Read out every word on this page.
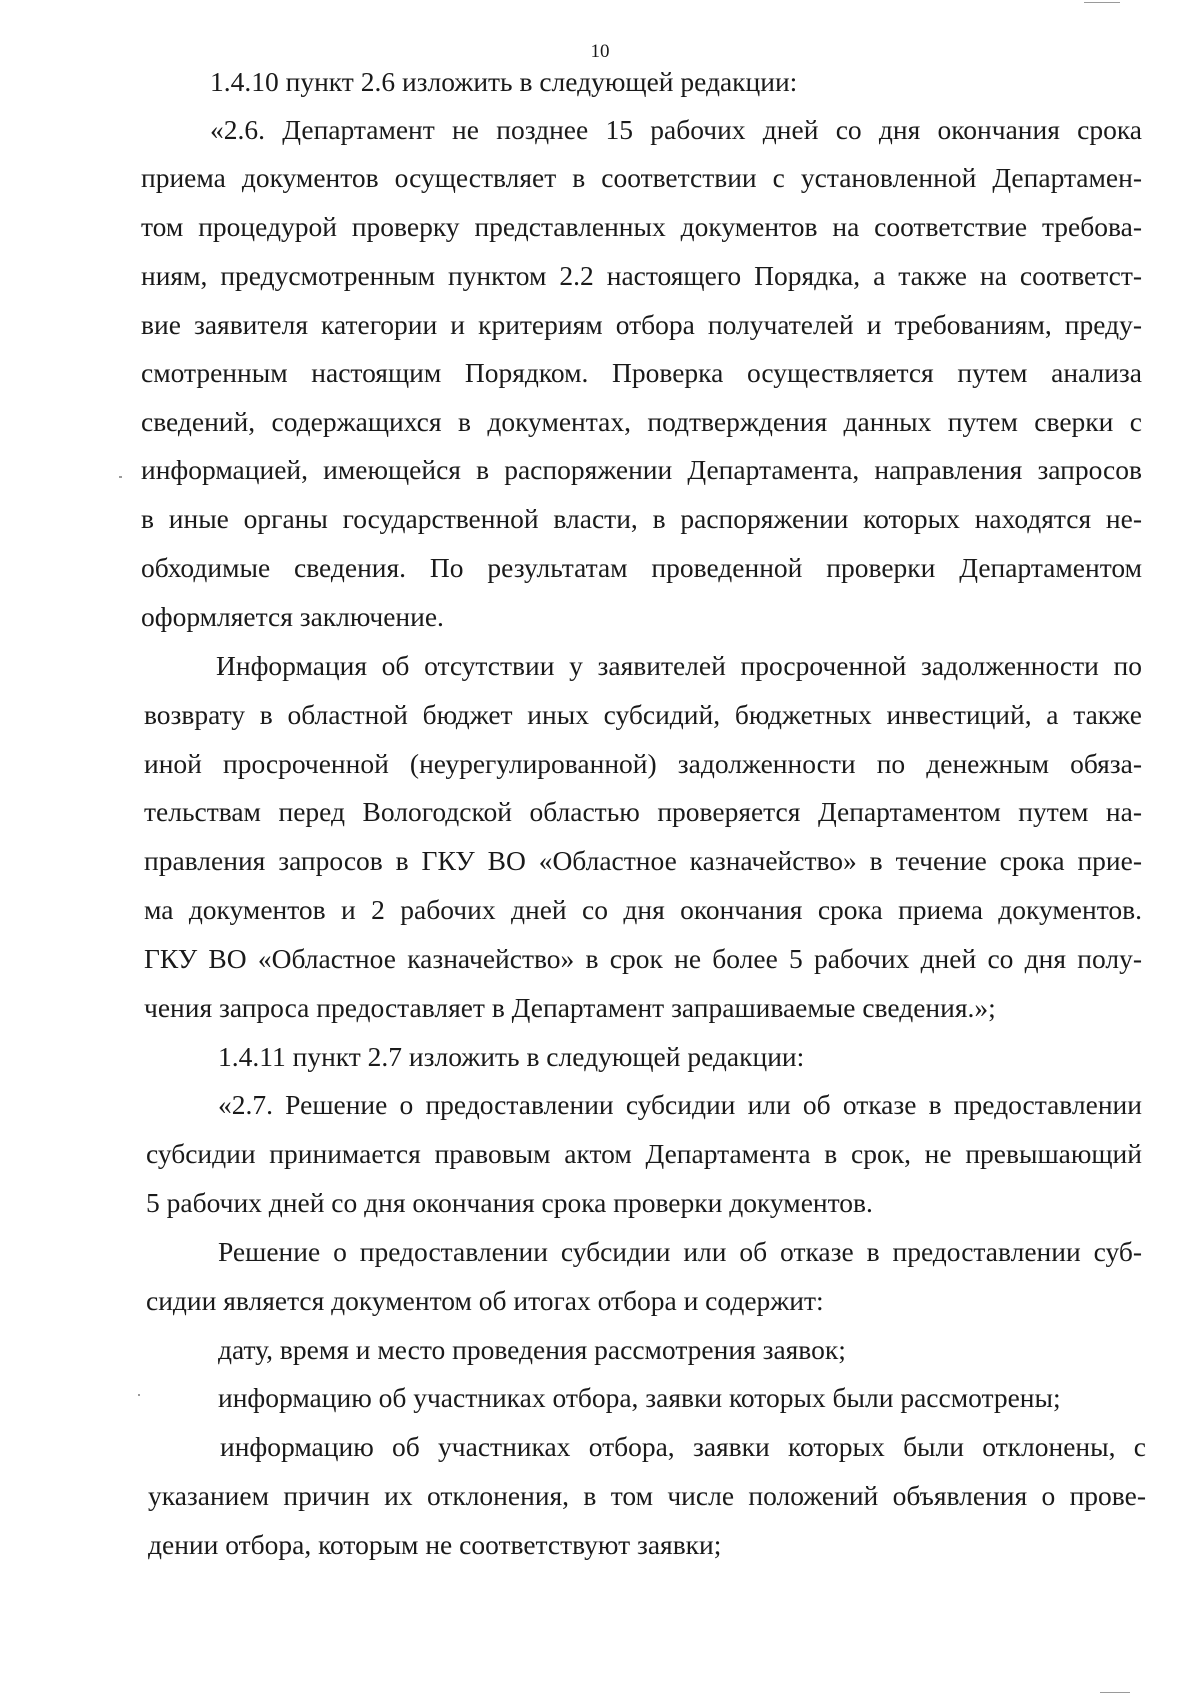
10
1.4.10 пункт 2.6 изложить в следующей редакции:
«2.6. Департамент не позднее 15 рабочих дней со дня окончания срока
приема документов осуществляет в соответствии с установленной Департамен-
том процедурой проверку представленных документов на соответствие требова-
ниям, предусмотренным пунктом 2.2 настоящего Порядка, а также на соответст-
вие заявителя категории и критериям отбора получателей и требованиям, преду-
смотренным настоящим Порядком. Проверка осуществляется путем анализа
сведений, содержащихся в документах, подтверждения данных путем сверки с
информацией, имеющейся в распоряжении Департамента, направления запросов
в иные органы государственной власти, в распоряжении которых находятся не-
обходимые сведения. По результатам проведенной проверки Департаментом
оформляется заключение.
Информация об отсутствии у заявителей просроченной задолженности по
возврату в областной бюджет иных субсидий, бюджетных инвестиций, а также
иной просроченной (неурегулированной) задолженности по денежным обяза-
тельствам перед Вологодской областью проверяется Департаментом путем на-
правления запросов в ГКУ ВО «Областное казначейство» в течение срока прие-
ма документов и 2 рабочих дней со дня окончания срока приема документов.
ГКУ ВО «Областное казначейство» в срок не более 5 рабочих дней со дня полу-
чения запроса предоставляет в Департамент запрашиваемые сведения.»;
1.4.11 пункт 2.7 изложить в следующей редакции:
«2.7. Решение о предоставлении субсидии или об отказе в предоставлении
субсидии принимается правовым актом Департамента в срок, не превышающий
5 рабочих дней со дня окончания срока проверки документов.
Решение о предоставлении субсидии или об отказе в предоставлении суб-
сидии является документом об итогах отбора и содержит:
дату, время и место проведения рассмотрения заявок;
информацию об участниках отбора, заявки которых были рассмотрены;
информацию об участниках отбора, заявки которых были отклонены, с
указанием причин их отклонения, в том числе положений объявления о прове-
дении отбора, которым не соответствуют заявки;
